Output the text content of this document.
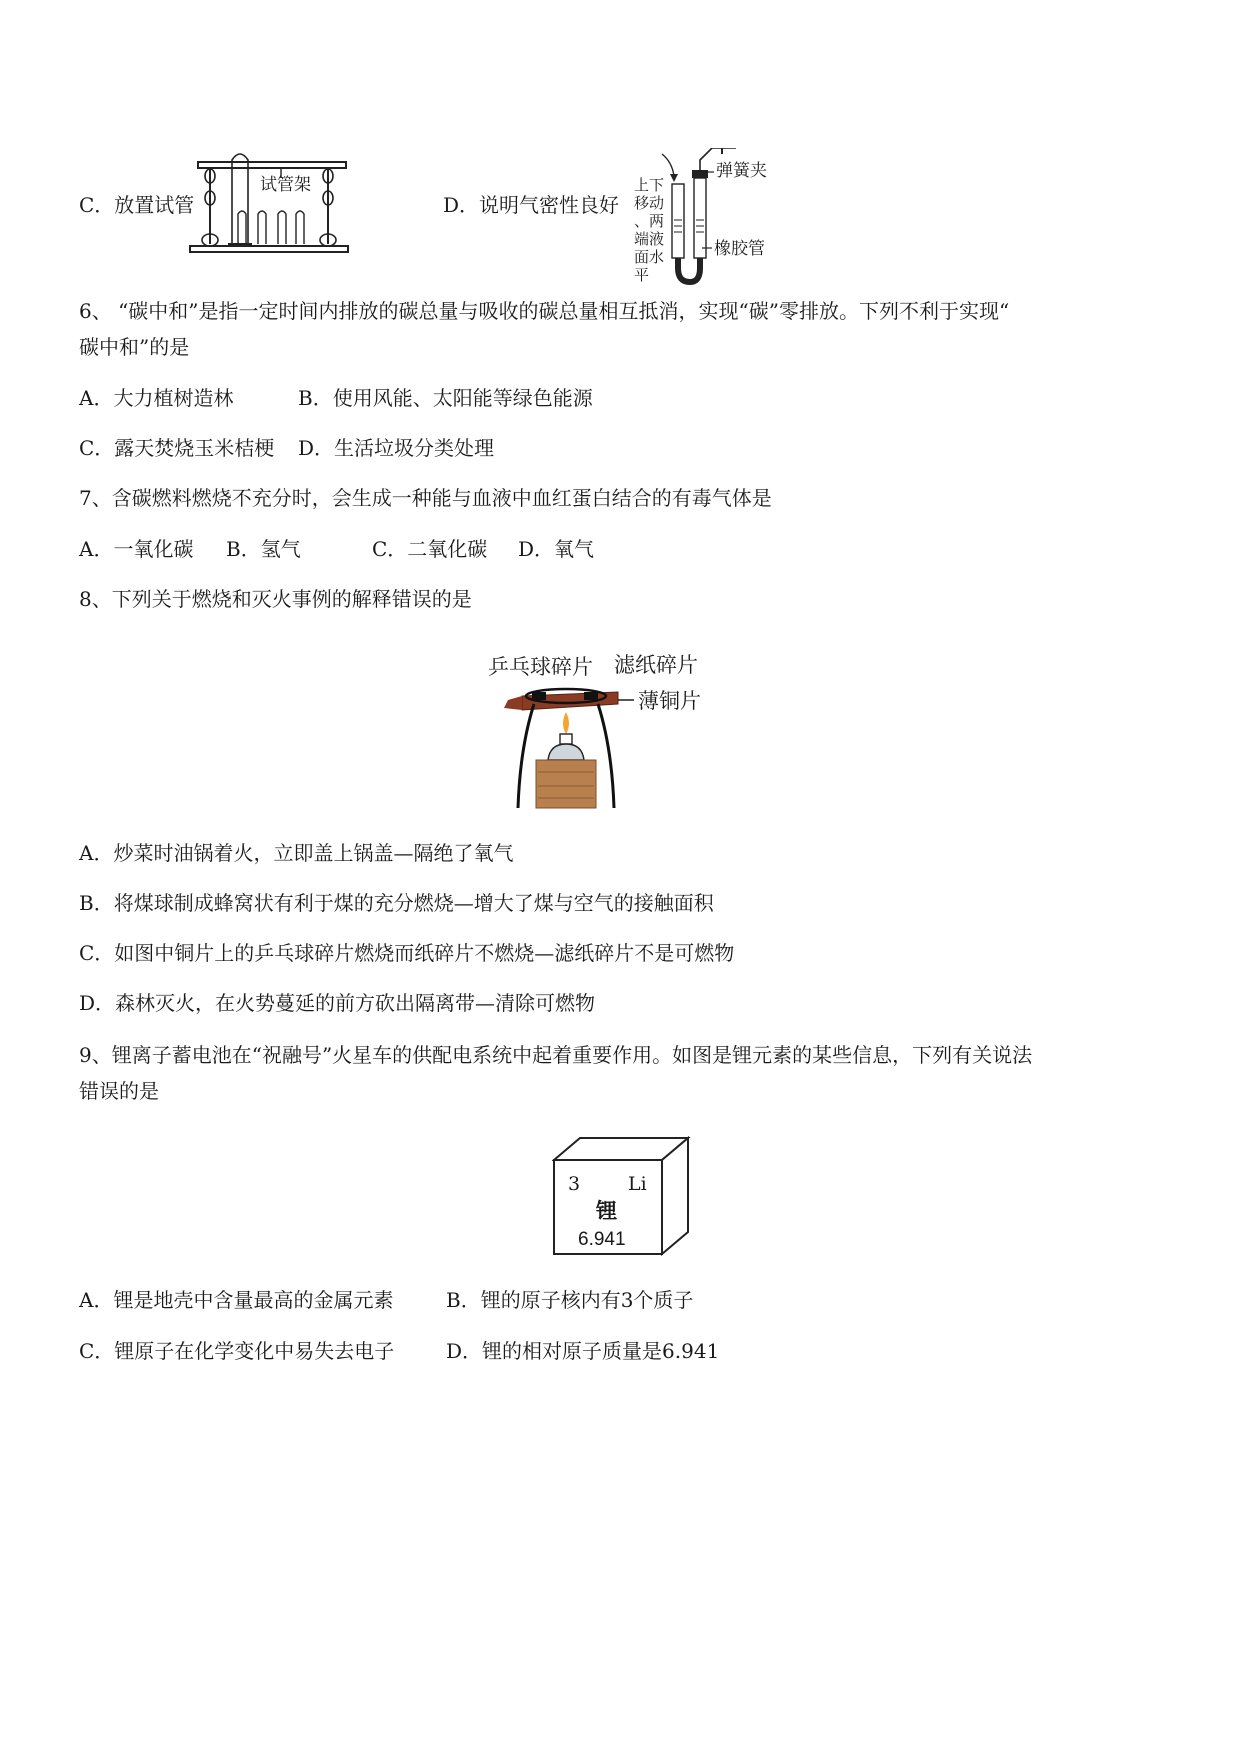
C．放置试管
试管架
D．说明气密性良好
上下
移动
、两
端液
面水
平
弹簧夹
橡胶管
6、 “碳中和”是指一定时间内排放的碳总量与吸收的碳总量相互抵消，实现“碳”零排放。下列不利于实现“
碳中和”的是
A．大力植树造林	B．使用风能、太阳能等绿色能源
C．露天焚烧玉米桔梗 D．生活垃圾分类处理
7、含碳燃料燃烧不充分时，会生成一种能与血液中血红蛋白结合的有毒气体是
A．一氧化碳 B．氢气	C．二氧化碳 D．氧气
8、下列关于燃烧和灭火事例的解释错误的是
乒乓球碎片 滤纸碎片
薄铜片
A．炒菜时油锅着火，立即盖上锅盖—隔绝了氧气
B．将煤球制成蜂窝状有利于煤的充分燃烧—增大了煤与空气的接触面积
C．如图中铜片上的乒乓球碎片燃烧而纸碎片不燃烧—滤纸碎片不是可燃物
D．森林灭火，在火势蔓延的前方砍出隔离带—清除可燃物
9、锂离子蓄电池在“祝融号”火星车的供配电系统中起着重要作用。如图是锂元素的某些信息，下列有关说法
错误的是
3	Li
锂
6.941
A．锂是地壳中含量最高的金属元素	B．锂的原子核内有3个质子
C．锂原子在化学变化中易失去电子	D．锂的相对原子质量是6.941
